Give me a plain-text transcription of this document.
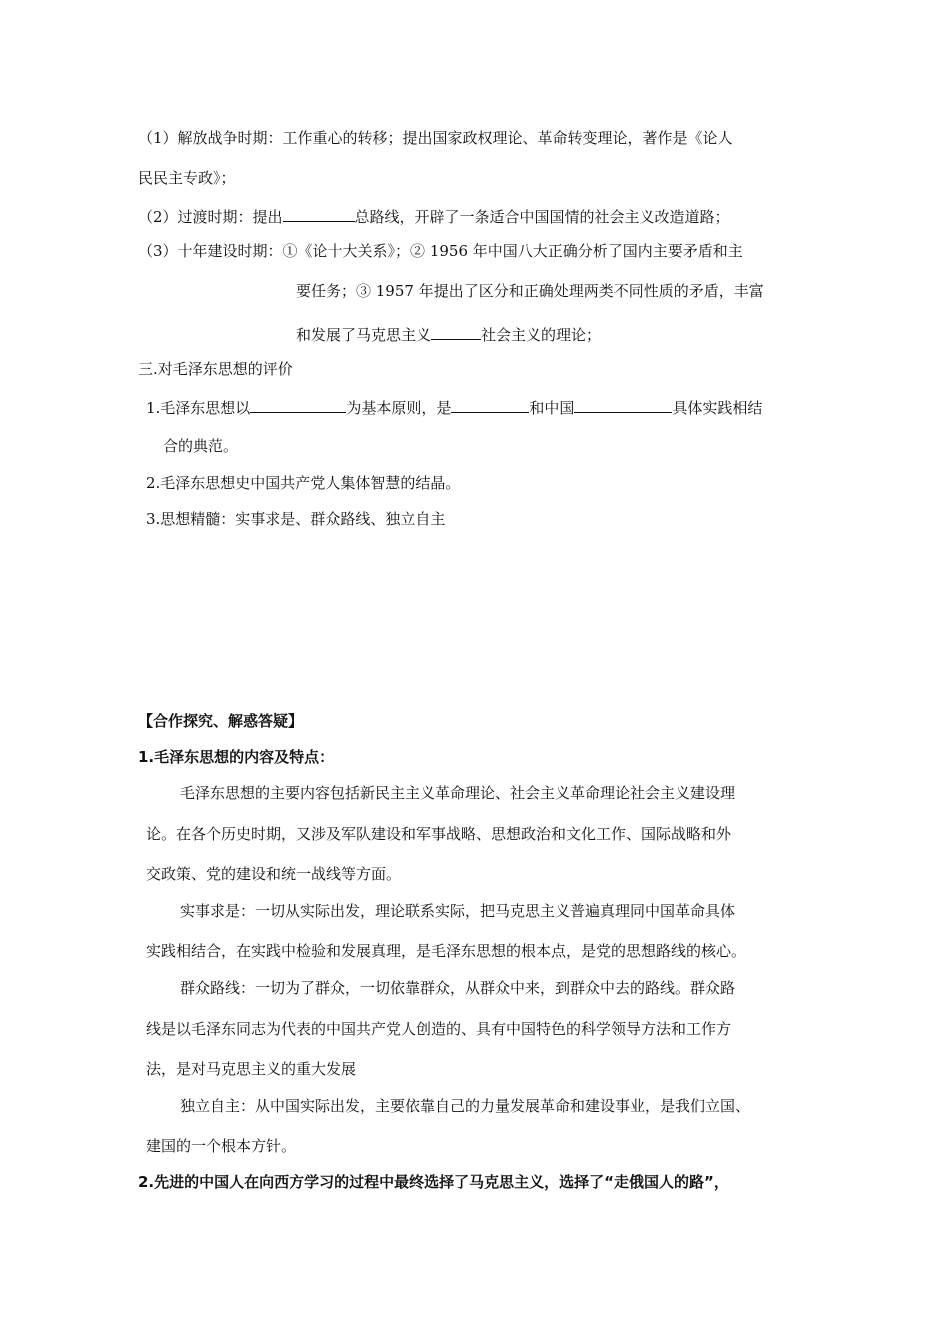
（1）解放战争时期：工作重心的转移；提出国家政权理论、革命转变理论，著作是《论人
民民主专政》；
（2）过渡时期：提出	总路线，开辟了一条适合中国国情的社会主义改造道路；
（3）十年建设时期：①《论十大关系》；② 1956 年中国八大正确分析了国内主要矛盾和主
要任务；③ 1957 年提出了区分和正确处理两类不同性质的矛盾，丰富
和发展了马克思主义	社会主义的理论；
三.对毛泽东思想的评价
1.毛泽东思想以	为基本原则，是	和中国	具体实践相结
合的典范。
2.毛泽东思想史中国共产党人集体智慧的结晶。
3.思想精髓：实事求是、群众路线、独立自主
【合作探究、解惑答疑】
1.毛泽东思想的内容及特点：
毛泽东思想的主要内容包括新民主主义革命理论、社会主义革命理论社会主义建设理
论。在各个历史时期，又涉及军队建设和军事战略、思想政治和文化工作、国际战略和外
交政策、党的建设和统一战线等方面。
实事求是：一切从实际出发，理论联系实际，把马克思主义普遍真理同中国革命具体
实践相结合，在实践中检验和发展真理，是毛泽东思想的根本点，是党的思想路线的核心。
群众路线：一切为了群众，一切依靠群众，从群众中来，到群众中去的路线。群众路
线是以毛泽东同志为代表的中国共产党人创造的、具有中国特色的科学领导方法和工作方
法，是对马克思主义的重大发展
独立自主：从中国实际出发，主要依靠自己的力量发展革命和建设事业，是我们立国、
建国的一个根本方针。
2.先进的中国人在向西方学习的过程中最终选择了马克思主义，选择了“走俄国人的路”，
